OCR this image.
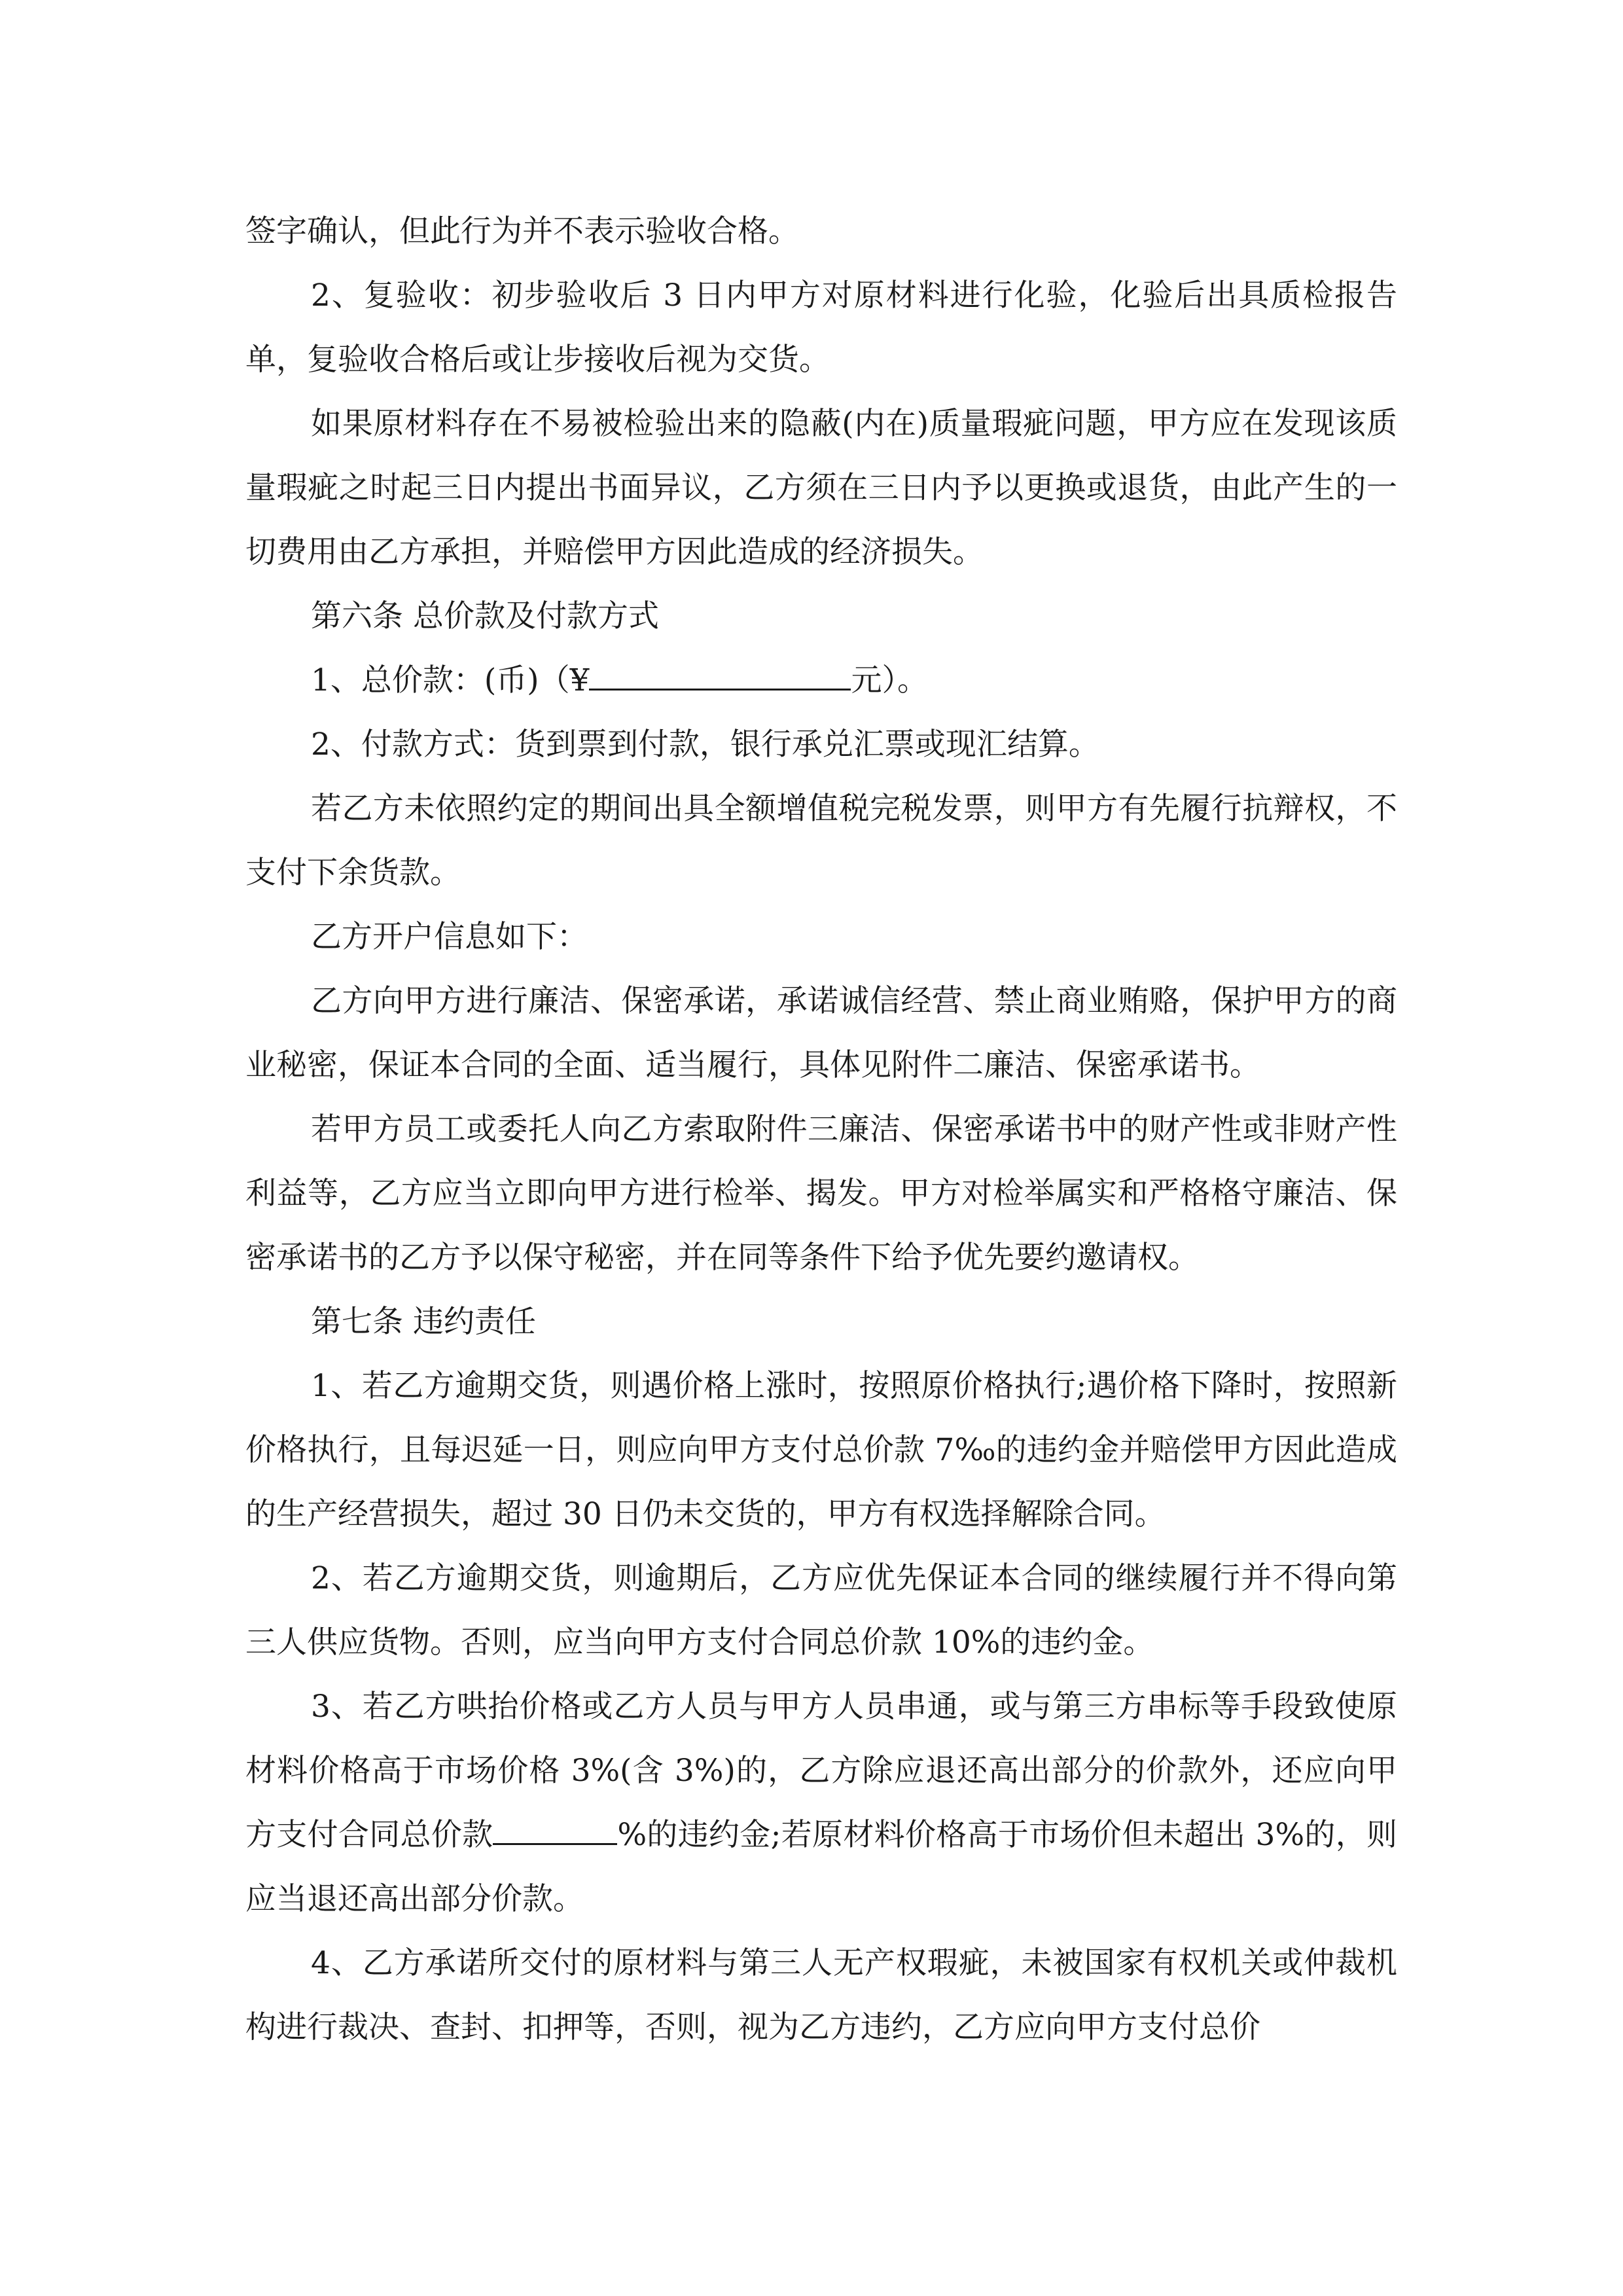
签字确认，但此行为并不表示验收合格。

2、复验收：初步验收后 3 日内甲方对原材料进行化验，化验后出具质检报告单，复验收合格后或让步接收后视为交货。

如果原材料存在不易被检验出来的隐蔽(内在)质量瑕疵问题，甲方应在发现该质量瑕疵之时起三日内提出书面异议，乙方须在三日内予以更换或退货，由此产生的一切费用由乙方承担，并赔偿甲方因此造成的经济损失。

第六条 总价款及付款方式

1、总价款：(币)（¥	元）。

2、付款方式：货到票到付款，银行承兑汇票或现汇结算。

若乙方未依照约定的期间出具全额增值税完税发票，则甲方有先履行抗辩权，不支付下余货款。

乙方开户信息如下：

乙方向甲方进行廉洁、保密承诺，承诺诚信经营、禁止商业贿赂，保护甲方的商业秘密，保证本合同的全面、适当履行，具体见附件二廉洁、保密承诺书。

若甲方员工或委托人向乙方索取附件三廉洁、保密承诺书中的财产性或非财产性利益等，乙方应当立即向甲方进行检举、揭发。甲方对检举属实和严格格守廉洁、保密承诺书的乙方予以保守秘密，并在同等条件下给予优先要约邀请权。

第七条 违约责任

1、若乙方逾期交货，则遇价格上涨时，按照原价格执行;遇价格下降时，按照新价格执行，且每迟延一日，则应向甲方支付总价款 7‰的违约金并赔偿甲方因此造成的生产经营损失，超过 30 日仍未交货的，甲方有权选择解除合同。

2、若乙方逾期交货，则逾期后，乙方应优先保证本合同的继续履行并不得向第三人供应货物。否则，应当向甲方支付合同总价款 10%的违约金。

3、若乙方哄抬价格或乙方人员与甲方人员串通，或与第三方串标等手段致使原材料价格高于市场价格 3%(含 3%)的，乙方除应退还高出部分的价款外，还应向甲方支付合同总价款	%的违约金;若原材料价格高于市场价但未超出 3%的，则应当退还高出部分价款。

4、乙方承诺所交付的原材料与第三人无产权瑕疵，未被国家有权机关或仲裁机构进行裁决、查封、扣押等，否则，视为乙方违约，乙方应向甲方支付总价
